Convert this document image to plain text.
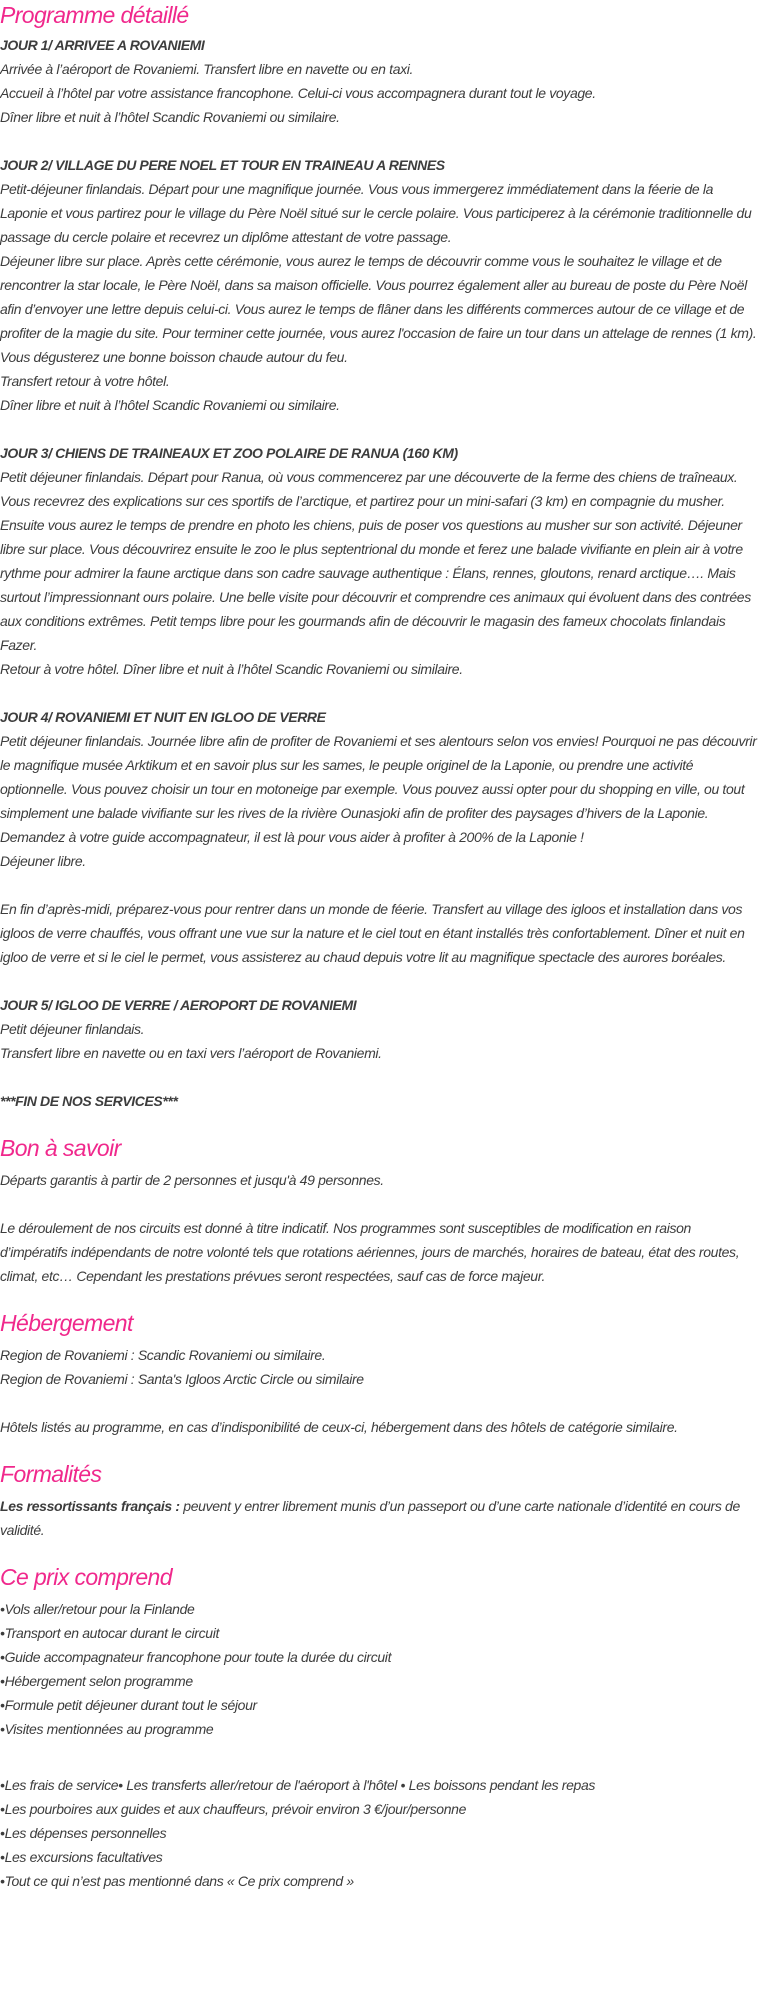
Programme détaillé

JOUR 1/ ARRIVEE A ROVANIEMI

Arrivée à l’aéroport de Rovaniemi. Transfert libre en navette ou en taxi.

Accueil à l’hôtel par votre assistance francophone. Celui-ci vous accompagnera durant tout le voyage.

Dîner libre et nuit à l’hôtel Scandic Rovaniemi ou similaire.

JOUR 2/ VILLAGE DU PERE NOEL ET TOUR EN TRAINEAU A RENNES

Petit-déjeuner finlandais. Départ pour une magnifique journée. Vous vous immergerez immédiatement dans la féerie de la Laponie et vous partirez pour le village du Père Noël situé sur le cercle polaire. Vous participerez à la cérémonie traditionnelle du passage du cercle polaire et recevrez un diplôme attestant de votre passage.

Déjeuner libre sur place. Après cette cérémonie, vous aurez le temps de découvrir comme vous le souhaitez le village et de rencontrer la star locale, le Père Noël, dans sa maison officielle. Vous pourrez également aller au bureau de poste du Père Noël afin d’envoyer une lettre depuis celui-ci. Vous aurez le temps de flâner dans les différents commerces autour de ce village et de profiter de la magie du site. Pour terminer cette journée, vous aurez l'occasion de faire un tour dans un attelage de rennes (1 km). Vous dégusterez une bonne boisson chaude autour du feu.

Transfert retour à votre hôtel.

Dîner libre et nuit à l’hôtel Scandic Rovaniemi ou similaire.

JOUR 3/ CHIENS DE TRAINEAUX ET ZOO POLAIRE DE RANUA (160 KM)

Petit déjeuner finlandais. Départ pour Ranua, où vous commencerez par une découverte de la ferme des chiens de traîneaux. Vous recevrez des explications sur ces sportifs de l’arctique, et partirez pour un mini-safari (3 km) en compagnie du musher. Ensuite vous aurez le temps de prendre en photo les chiens, puis de poser vos questions au musher sur son activité. Déjeuner libre sur place. Vous découvrirez ensuite le zoo le plus septentrional du monde et ferez une balade vivifiante en plein air à votre rythme pour admirer la faune arctique dans son cadre sauvage authentique : Élans, rennes, gloutons, renard arctique…. Mais surtout l’impressionnant ours polaire. Une belle visite pour découvrir et comprendre ces animaux qui évoluent dans des contrées aux conditions extrêmes. Petit temps libre pour les gourmands afin de découvrir le magasin des fameux chocolats finlandais Fazer.

Retour à votre hôtel. Dîner libre et nuit à l’hôtel Scandic Rovaniemi ou similaire.

JOUR 4/ ROVANIEMI ET NUIT EN IGLOO DE VERRE

Petit déjeuner finlandais. Journée libre afin de profiter de Rovaniemi et ses alentours selon vos envies! Pourquoi ne pas découvrir le magnifique musée Arktikum et en savoir plus sur les sames, le peuple originel de la Laponie, ou prendre une activité optionnelle. Vous pouvez choisir un tour en motoneige par exemple. Vous pouvez aussi opter pour du shopping en ville, ou tout simplement une balade vivifiante sur les rives de la rivière Ounasjoki afin de profiter des paysages d’hivers de la Laponie. Demandez à votre guide accompagnateur, il est là pour vous aider à profiter à 200% de la Laponie !

Déjeuner libre.

En fin d’après-midi, préparez-vous pour rentrer dans un monde de féerie. Transfert au village des igloos et installation dans vos igloos de verre chauffés, vous offrant une vue sur la nature et le ciel tout en étant installés très confortablement. Dîner et nuit en igloo de verre et si le ciel le permet, vous assisterez au chaud depuis votre lit au magnifique spectacle des aurores boréales.

JOUR 5/ IGLOO DE VERRE / AEROPORT DE ROVANIEMI

Petit déjeuner finlandais.

Transfert libre en navette ou en taxi vers l’aéroport de Rovaniemi.

***FIN DE NOS SERVICES***

Bon à savoir

Départs garantis à partir de 2 personnes et jusqu'à 49 personnes.

Le déroulement de nos circuits est donné à titre indicatif. Nos programmes sont susceptibles de modification en raison d’impératifs indépendants de notre volonté tels que rotations aériennes, jours de marchés, horaires de bateau, état des routes, climat, etc… Cependant les prestations prévues seront respectées, sauf cas de force majeur.

Hébergement

Region de Rovaniemi : Scandic Rovaniemi ou similaire.

Region de Rovaniemi : Santa's Igloos Arctic Circle ou similaire

Hôtels listés au programme, en cas d’indisponibilité de ceux-ci, hébergement dans des hôtels de catégorie similaire.

Formalités

Les ressortissants français : peuvent y entrer librement munis d’un passeport ou d’une carte nationale d’identité en cours de validité.

Ce prix comprend

• Vols aller/retour pour la Finlande

• Transport en autocar durant le circuit

• Guide accompagnateur francophone pour toute la durée du circuit

• Hébergement selon programme

• Formule petit déjeuner durant tout le séjour

• Visites mentionnées au programme

• Les frais de service• Les transferts aller/retour de l'aéroport à l'hôtel • Les boissons pendant les repas

• Les pourboires aux guides et aux chauffeurs, prévoir environ 3 €/jour/personne

• Les dépenses personnelles

• Les excursions facultatives

• Tout ce qui n’est pas mentionné dans « Ce prix comprend »
